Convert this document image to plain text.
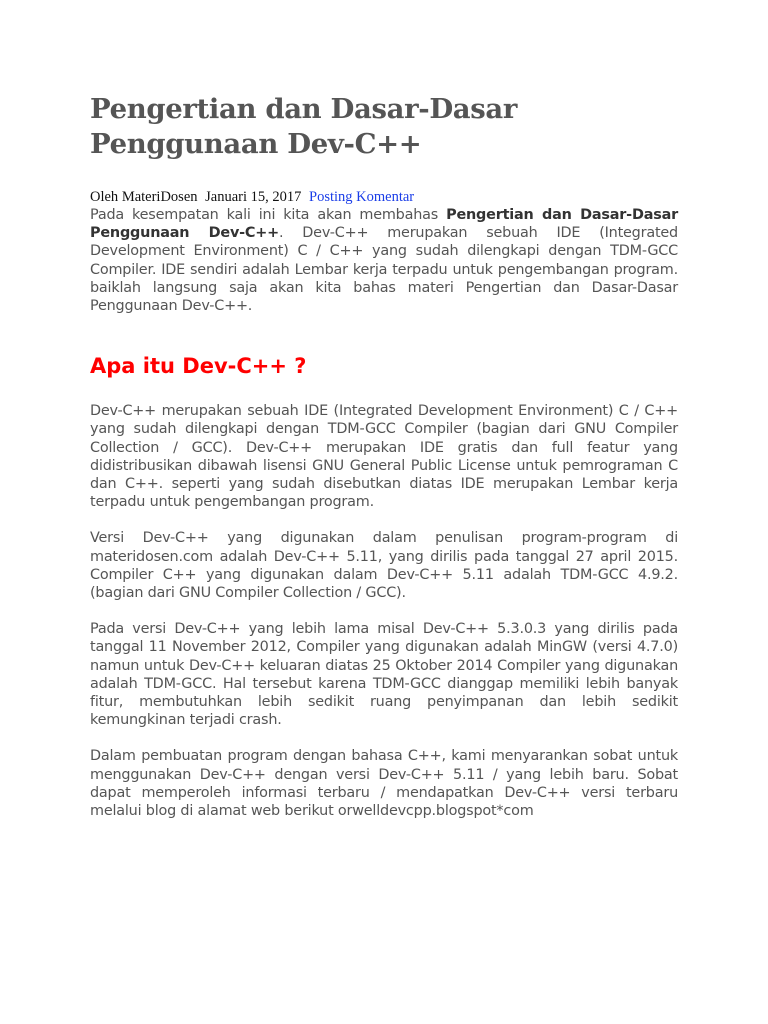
Pengertian dan Dasar-Dasar Penggunaan Dev-C++
Oleh MateriDosen Januari 15, 2017 Posting Komentar

Pada kesempatan kali ini kita akan membahas Pengertian dan Dasar-Dasar Penggunaan Dev-C++. Dev-C++ merupakan sebuah IDE (Integrated Development Environment) C / C++ yang sudah dilengkapi dengan TDM-GCC Compiler. IDE sendiri adalah Lembar kerja terpadu untuk pengembangan program. baiklah langsung saja akan kita bahas materi Pengertian dan Dasar-Dasar Penggunaan Dev-C++.

Apa itu Dev-C++ ?

Dev-C++ merupakan sebuah IDE (Integrated Development Environment) C / C++ yang sudah dilengkapi dengan TDM-GCC Compiler (bagian dari GNU Compiler Collection / GCC). Dev-C++ merupakan IDE gratis dan full featur yang didistribusikan dibawah lisensi GNU General Public License untuk pemrograman C dan C++. seperti yang sudah disebutkan diatas IDE merupakan Lembar kerja terpadu untuk pengembangan program.

Versi Dev-C++ yang digunakan dalam penulisan program-program di materidosen.com adalah Dev-C++ 5.11, yang dirilis pada tanggal 27 april 2015. Compiler C++ yang digunakan dalam Dev-C++ 5.11 adalah TDM-GCC 4.9.2. (bagian dari GNU Compiler Collection / GCC).

Pada versi Dev-C++ yang lebih lama misal Dev-C++ 5.3.0.3 yang dirilis pada tanggal 11 November 2012, Compiler yang digunakan adalah MinGW (versi 4.7.0) namun untuk Dev-C++ keluaran diatas 25 Oktober 2014 Compiler yang digunakan adalah TDM-GCC. Hal tersebut karena TDM-GCC dianggap memiliki lebih banyak fitur, membutuhkan lebih sedikit ruang penyimpanan dan lebih sedikit kemungkinan terjadi crash.

Dalam pembuatan program dengan bahasa C++, kami menyarankan sobat untuk menggunakan Dev-C++ dengan versi Dev-C++ 5.11 / yang lebih baru. Sobat dapat memperoleh informasi terbaru / mendapatkan Dev-C++ versi terbaru melalui blog di alamat web berikut orwelldevcpp.blogspot*com
